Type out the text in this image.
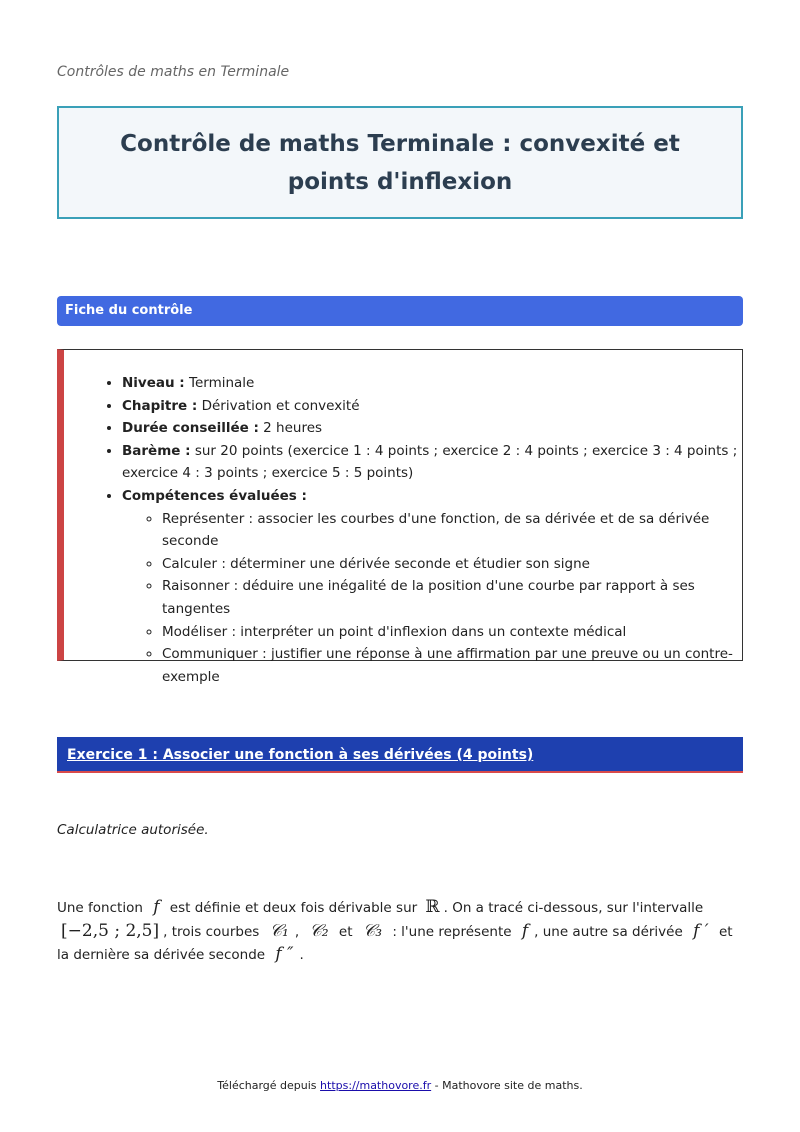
Contrôles de maths en Terminale
Contrôle de maths Terminale : convexité et points d'inflexion
Fiche du contrôle
• Niveau : Terminale
• Chapitre : Dérivation et convexité
• Durée conseillée : 2 heures
• Barème : sur 20 points (exercice 1 : 4 points ; exercice 2 : 4 points ; exercice 3 : 4 points ; exercice 4 : 3 points ; exercice 5 : 5 points)
• Compétences évaluées :
◦ Représenter : associer les courbes d'une fonction, de sa dérivée et de sa dérivée seconde
◦ Calculer : déterminer une dérivée seconde et étudier son signe
◦ Raisonner : déduire une inégalité de la position d'une courbe par rapport à ses tangentes
◦ Modéliser : interpréter un point d'inflexion dans un contexte médical
◦ Communiquer : justifier une réponse à une affirmation par une preuve ou un contre-exemple
Exercice 1 : Associer une fonction à ses dérivées (4 points)
Calculatrice autorisée.
Une fonction f est définie et deux fois dérivable sur ℝ . On a tracé ci-dessous, sur l'intervalle [−2,5 ; 2,5] , trois courbes 𝒞₁ , 𝒞₂ et 𝒞₃ : l'une représente f , une autre sa dérivée f ′ et la dernière sa dérivée seconde f ″ .
Téléchargé depuis https://mathovore.fr - Mathovore site de maths.
